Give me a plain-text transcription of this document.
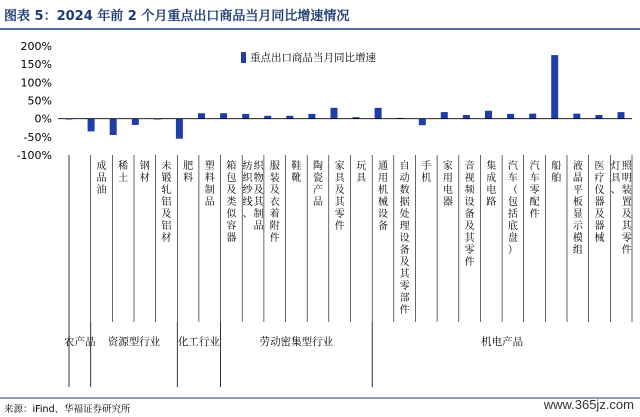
图表 5：2024 年前 2 个月重点出口商品当月同比增速情况
200%
150%
100%
50%
0%
-50%
-100%
重点出口商品当月同比增速
成品油
稀土
钢材
未锻轧铝及铝材
肥料
塑料制品
箱包及类似容器
纺织纱线、织物及其制品
服装及衣着附件
鞋靴
陶瓷产品
家具及其零件
玩具
通用机械设备
自动数据处理设备及其零部件
手机
家用电器
音视频设备及其零件
集成电路
汽车（包括底盘）
汽车零配件
船舶
液晶平板显示模组
医疗仪器及器械
灯具、照明装置及其零件
农产品 资源型行业 化工行业	劳动密集型行业	机电产品
来源：iFind、华福证券研究所	www.365jz.com
